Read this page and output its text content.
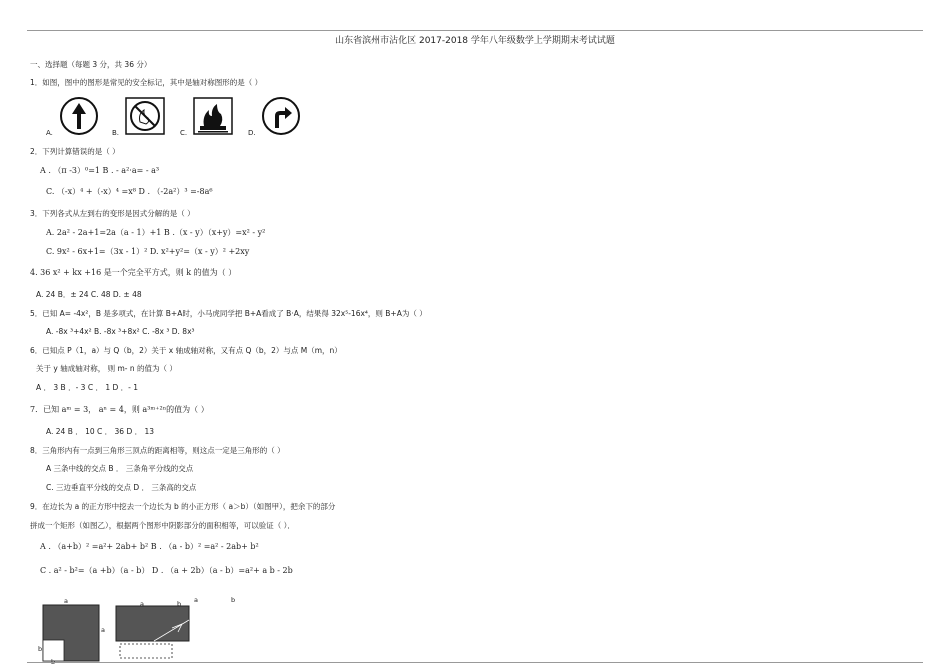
山东省滨州市沾化区 2017-2018 学年八年级数学上学期期末考试试题
一、选择题（每题 3 分，共 36 分）
1．如图，图中的图形是常见的安全标记，其中是轴对称图形的是（ ）
A.	B.	C.	D.
2．下列计算错误的是（ ）
A . （π -3）⁰=1 B . - a²·a= - a³
C. （-x）⁴ +（-x）⁴ =x⁸ D . （-2a²）³ =-8a⁶
3．下列各式从左到右的变形是因式分解的是（ ）
A. 2a² - 2a+1=2a（a - 1）+1 B .（x - y）（x+y）=x² - y²
C. 9x² - 6x+1=（3x - 1）² D. x²+y²=（x - y）² +2xy
4. 36 x² + kx +16 是一个完全平方式，则 k 的值为（ ）
A. 24 B．± 24 C. 48 D. ± 48
5．已知 A= -4x²，B 是多项式，在计算 B+A时，小马虎同学把 B+A看成了 B·A，结果得 32x⁵-16x⁴，则 B+A为（ ）
A. -8x ³+4x² B. -8x ³+8x² C. -8x ³ D. 8x³
6．已知点 P（1，a）与 Q（b，2）关于 x 轴成轴对称，又有点 Q（b，2）与点 M（m，n）
关于 y 轴成轴对称， 则 m- n 的值为（ ）
A ． 3 B ．- 3 C ． 1 D ．- 1
7．已知 aᵐ = 3， aⁿ = 4，则 a³ᵐ⁺²ⁿ的值为（ ）
A. 24 B ． 10 C ． 36 D ． 13
8．三角形内有一点到三角形三顶点的距离相等，则这点一定是三角形的（ ）
A 三条中线的交点 B ． 三条角平分线的交点
C. 三边垂直平分线的交点 D ． 三条高的交点
9．在边长为 a 的正方形中挖去一个边长为 b 的小正方形（ a＞b）（如图甲），把余下的部分
拼成一个矩形（如图乙），根据两个图形中阴影部分的面积相等，可以验证（ ）．
A . （a+b）² =a²+ 2ab+ b² B . （a - b）² =a² - 2ab+ b²
C . a² - b²=（a +b）（a - b） D . （a + 2b）（a - b）=a²+ a b - 2b
a
a
b
b
a	b a	b
